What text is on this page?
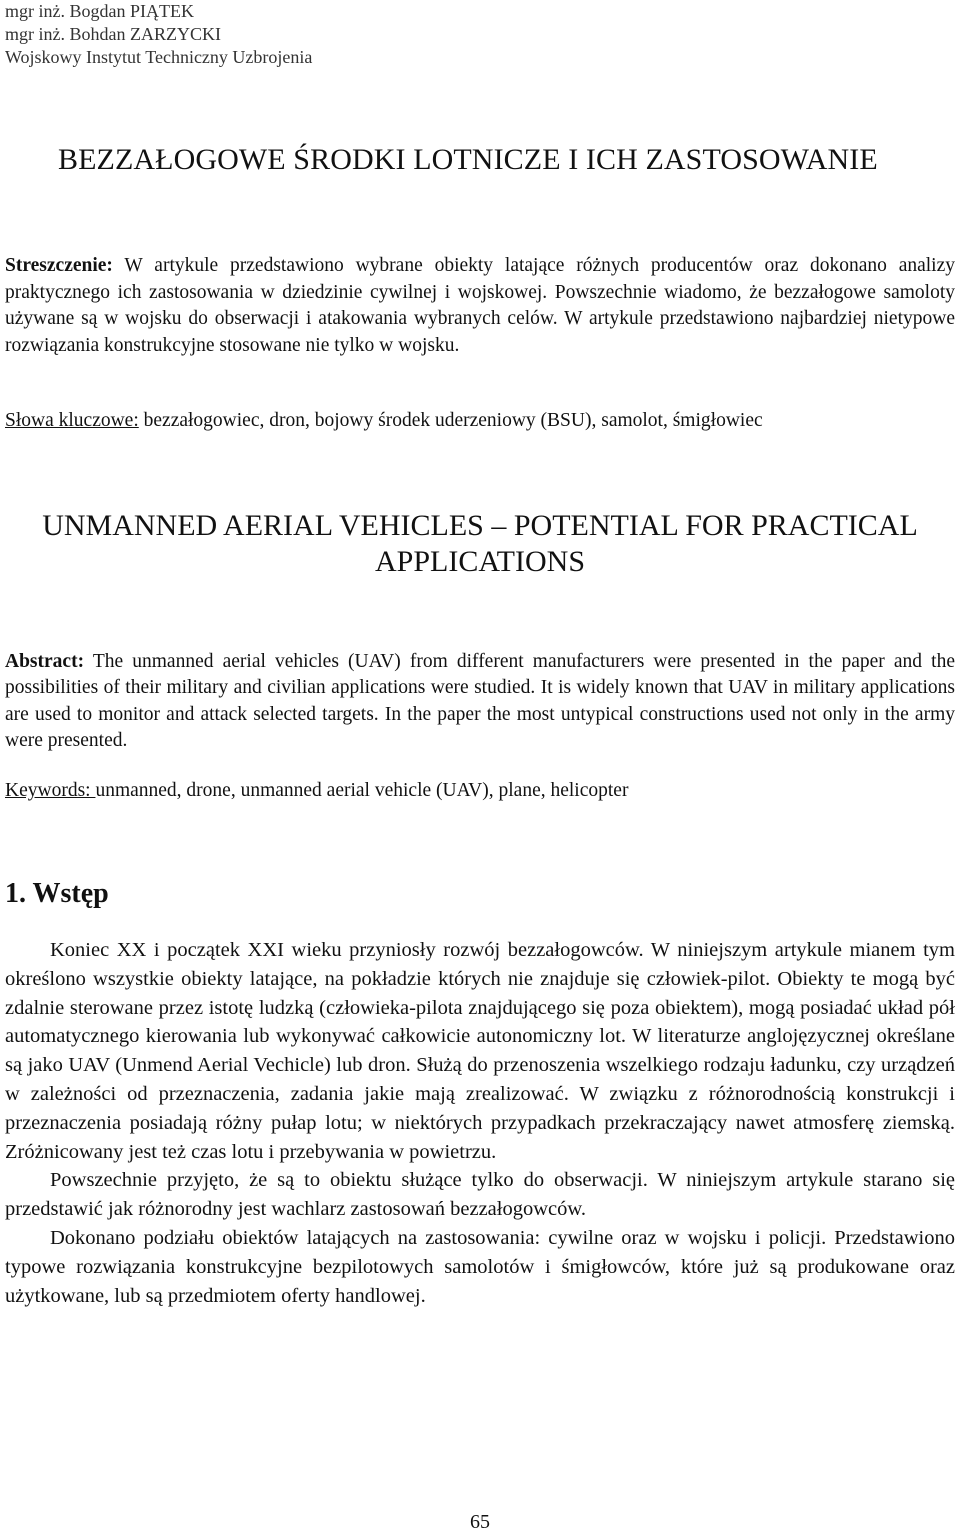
mgr inż. Bogdan PIĄTEK
mgr inż. Bohdan ZARZYCKI
Wojskowy Instytut Techniczny Uzbrojenia
BEZZAŁOGOWE ŚRODKI LOTNICZE I ICH ZASTOSOWANIE
Streszczenie: W artykule przedstawiono wybrane obiekty latające różnych producentów oraz dokonano analizy praktycznego ich zastosowania w dziedzinie cywilnej i wojskowej. Powszechnie wiadomo, że bezzałogowe samoloty używane są w wojsku do obserwacji i atakowania wybranych celów. W artykule przedstawiono najbardziej nietypowe rozwiązania konstrukcyjne stosowane nie tylko w wojsku.
Słowa kluczowe: bezzałogowiec, dron, bojowy środek uderzeniowy (BSU), samolot, śmigłowiec
UNMANNED AERIAL VEHICLES – POTENTIAL FOR PRACTICAL APPLICATIONS
Abstract: The unmanned aerial vehicles (UAV) from different manufacturers were presented in the paper and the possibilities of their military and civilian applications were studied. It is widely known that UAV in military applications are used to monitor and attack selected targets. In the paper the most untypical constructions used not only in the army were presented.
Keywords: unmanned, drone, unmanned aerial vehicle (UAV), plane, helicopter
1. Wstęp

Koniec XX i początek XXI wieku przyniosły rozwój bezzałogowców. W niniejszym artykule mianem tym określono wszystkie obiekty latające, na pokładzie których nie znajduje się człowiek-pilot. Obiekty te mogą być zdalnie sterowane przez istotę ludzką (człowieka-pilota znajdującego się poza obiektem), mogą posiadać układ pół automatycznego kierowania lub wykonywać całkowicie autonomiczny lot. W literaturze anglojęzycznej określane są jako UAV (Unmend Aerial Vechicle) lub dron. Służą do przenoszenia wszelkiego rodzaju ładunku, czy urządzeń w zależności od przeznaczenia, zadania jakie mają zrealizować. W związku z różnorodnością konstrukcji i przeznaczenia posiadają różny pułap lotu; w niektórych przypadkach przekraczający nawet atmosferę ziemską. Zróżnicowany jest też czas lotu i przebywania w powietrzu.

Powszechnie przyjęto, że są to obiektu służące tylko do obserwacji. W niniejszym artykule starano się przedstawić jak różnorodny jest wachlarz zastosowań bezzałogowców.

Dokonano podziału obiektów latających na zastosowania: cywilne oraz w wojsku i policji. Przedstawiono typowe rozwiązania konstrukcyjne bezpilotowych samolotów i śmigłowców, które już są produkowane oraz użytkowane, lub są przedmiotem oferty handlowej.

65
